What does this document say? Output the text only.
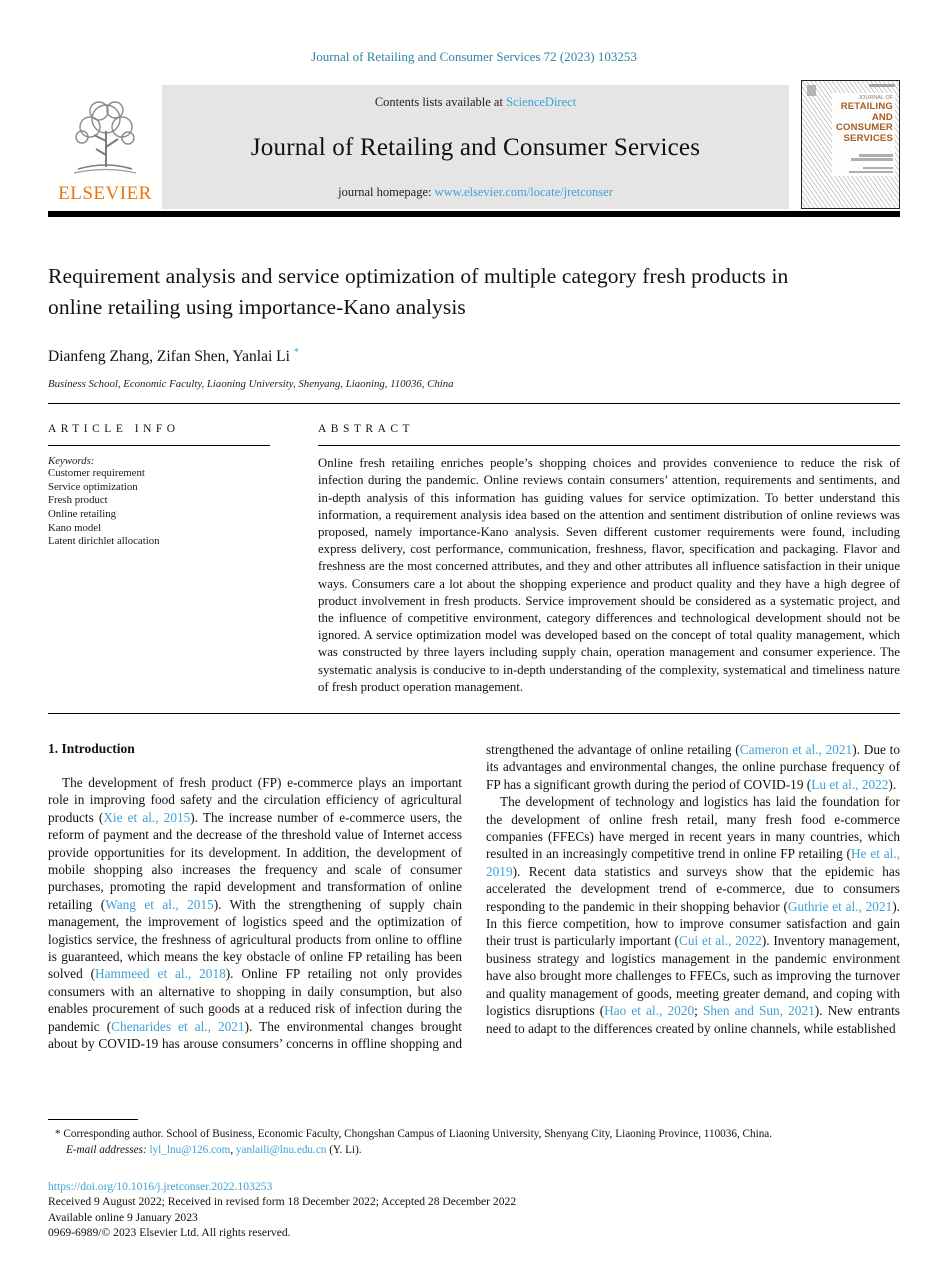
Journal of Retailing and Consumer Services 72 (2023) 103253
ELSEVIER
Contents lists available at ScienceDirect
Journal of Retailing and Consumer Services
journal homepage: www.elsevier.com/locate/jretconser
JOURNAL OF
RETAILING
AND
CONSUMER
SERVICES
Requirement analysis and service optimization of multiple category fresh products in online retailing using importance-Kano analysis
Dianfeng Zhang, Zifan Shen, Yanlai Li *
Business School, Economic Faculty, Liaoning University, Shenyang, Liaoning, 110036, China
ARTICLE INFO
Keywords:
Customer requirement
Service optimization
Fresh product
Online retailing
Kano model
Latent dirichlet allocation
ABSTRACT

Online fresh retailing enriches people’s shopping choices and provides convenience to reduce the risk of infection during the pandemic. Online reviews contain consumers’ attention, requirements and sentiments, and in-depth analysis of this information has guiding values for service optimization. To better understand this information, a requirement analysis idea based on the attention and sentiment distribution of online reviews was proposed, namely importance-Kano analysis. Seven different customer requirements were found, including express delivery, cost performance, communication, freshness, flavor, specification and packaging. Flavor and freshness are the most concerned attributes, and they and other attributes all influence satisfaction in their unique ways. Consumers care a lot about the shopping experience and product quality and they have a high degree of product involvement in fresh products. Service improvement should be considered as a systematic project, and the influence of competitive environment, category differences and technological development should not be ignored. A service optimization model was developed based on the concept of total quality management, which was constructed by three layers including supply chain, operation management and consumer experience. The systematic analysis is conducive to in-depth understanding of the complexity, systematical and timeliness nature of fresh product operation management.

1. Introduction

The development of fresh product (FP) e-commerce plays an important role in improving food safety and the circulation efficiency of agricultural products (Xie et al., 2015). The increase number of e-commerce users, the reform of payment and the decrease of the threshold value of Internet access provide opportunities for its development. In addition, the development of mobile shopping also increases the frequency and scale of consumer purchases, promoting the rapid development and transformation of online retailing (Wang et al., 2015). With the strengthening of supply chain management, the improvement of logistics speed and the optimization of logistics service, the freshness of agricultural products from online to offline is guaranteed, which means the key obstacle of online FP retailing has been solved (Hammeed et al., 2018). Online FP retailing not only provides consumers with an alternative to shopping in daily consumption, but also enables procurement of such goods at a reduced risk of infection during the pandemic (Chenarides et al., 2021). The environmental changes brought about by COVID-19 has arouse consumers’ concerns in offline shopping and strengthened the advantage of online retailing (Cameron et al., 2021). Due to its advantages and environmental changes, the online purchase frequency of FP has a significant growth during the period of COVID-19 (Lu et al., 2022).

The development of technology and logistics has laid the foundation for the development of online fresh retail, many fresh food e-commerce companies (FFECs) have merged in recent years in many countries, which resulted in an increasingly competitive trend in online FP retailing (He et al., 2019). Recent data statistics and surveys show that the epidemic has accelerated the development trend of e-commerce, due to consumers responding to the pandemic in their shopping behavior (Guthrie et al., 2021). In this fierce competition, how to improve consumer satisfaction and gain their trust is particularly important (Cui et al., 2022). Inventory management, business strategy and logistics management in the pandemic environment have also brought more challenges to FFECs, such as improving the turnover and quality management of goods, meeting greater demand, and coping with logistics disruptions (Hao et al., 2020; Shen and Sun, 2021). New entrants need to adapt to the differences created by online channels, while established

* Corresponding author. School of Business, Economic Faculty, Chongshan Campus of Liaoning University, Shenyang City, Liaoning Province, 110036, China.
E-mail addresses: lyl_lnu@126.com, yanlaili@lnu.edu.cn (Y. Li).
https://doi.org/10.1016/j.jretconser.2022.103253
Received 9 August 2022; Received in revised form 18 December 2022; Accepted 28 December 2022
Available online 9 January 2023
0969-6989/© 2023 Elsevier Ltd. All rights reserved.
